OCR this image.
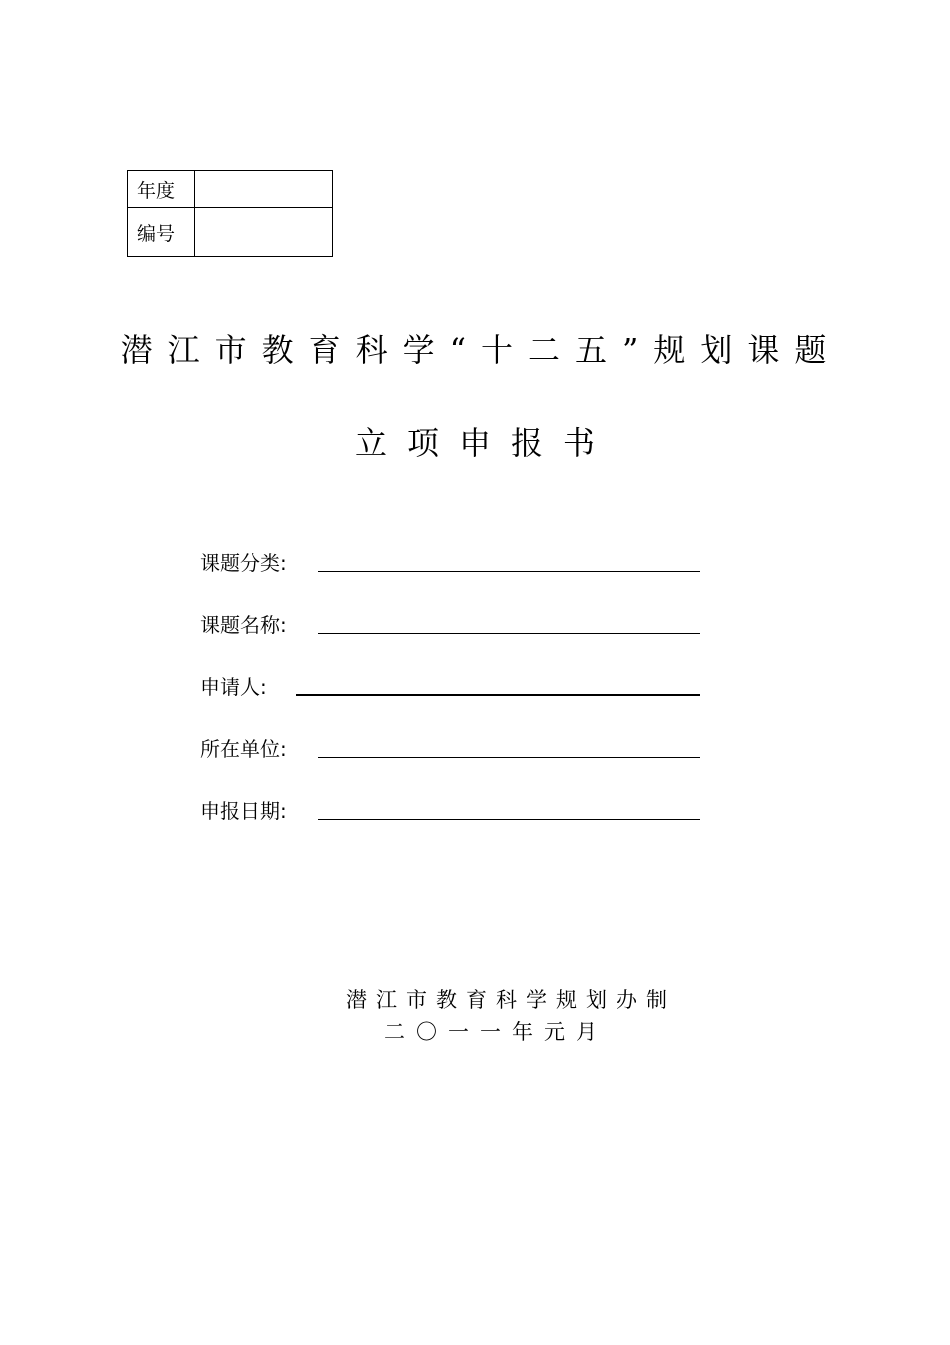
年度	
编号	
潜江市教育科学“十二五”规划课题
立项申报书
课题分类:
课题名称:
申请人:
所在单位:
申报日期:
潜江市教育科学规划办制
二〇一一年元月
